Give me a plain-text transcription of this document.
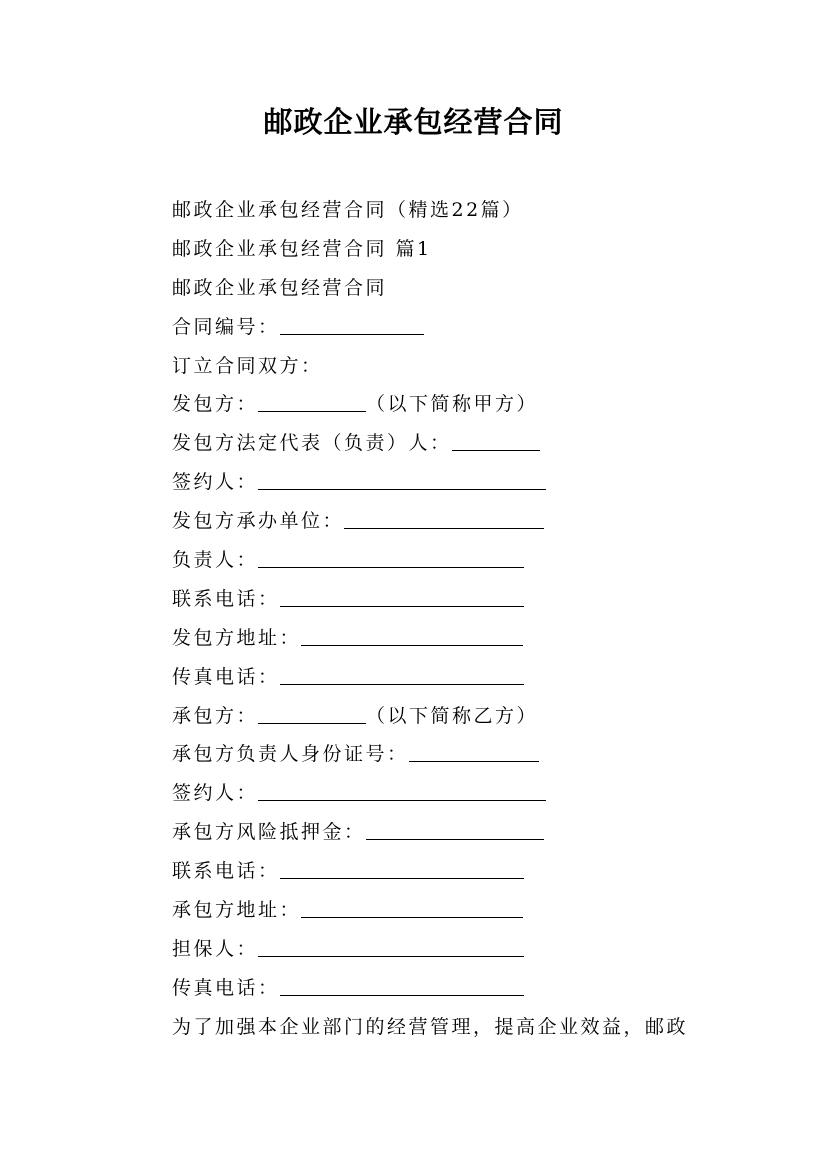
邮政企业承包经营合同
邮政企业承包经营合同（精选22篇）
邮政企业承包经营合同 篇1
邮政企业承包经营合同
合同编号：
订立合同双方：
发包方：	（以下简称甲方）
发包方法定代表（负责）人：
签约人：
发包方承办单位：
负责人：
联系电话：
发包方地址：
传真电话：
承包方：	（以下简称乙方）
承包方负责人身份证号：
签约人：
承包方风险抵押金：
联系电话：
承包方地址：
担保人：
传真电话：
为了加强本企业部门的经营管理，提高企业效益，邮政
